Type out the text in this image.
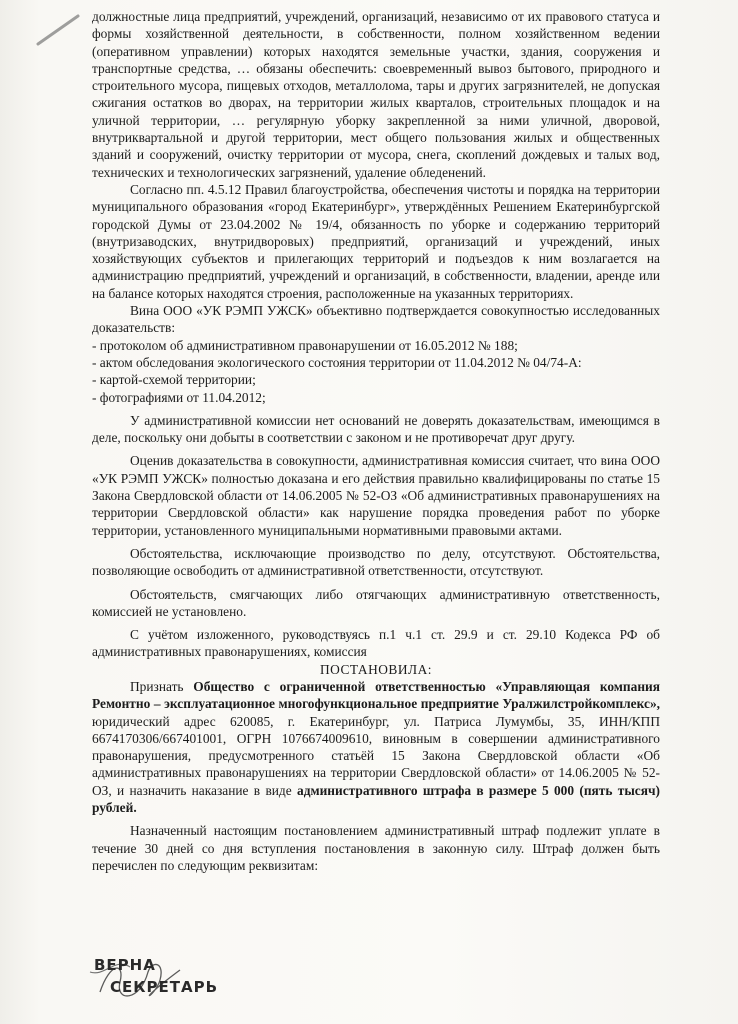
должностные лица предприятий, учреждений, организаций, независимо от их правового статуса и формы хозяйственной деятельности, в собственности, полном хозяйственном ведении (оперативном управлении) которых находятся земельные участки, здания, сооружения и транспортные средства, … обязаны обеспечить: своевременный вывоз бытового, природного и строительного мусора, пищевых отходов, металлолома, тары и других загрязнителей, не допуская сжигания остатков во дворах, на территории жилых кварталов, строительных площадок и на уличной территории, … регулярную уборку закрепленной за ними уличной, дворовой, внутриквартальной и другой территории, мест общего пользования жилых и общественных зданий и сооружений, очистку территории от мусора, снега, скоплений дождевых и талых вод, технических и технологических загрязнений, удаление обледенений.

Согласно пп. 4.5.12 Правил благоустройства, обеспечения чистоты и порядка на территории муниципального образования «город Екатеринбург», утверждённых Решением Екатеринбургской городской Думы от 23.04.2002 № 19/4, обязанность по уборке и содержанию территорий (внутризаводских, внутридворовых) предприятий, организаций и учреждений, иных хозяйствующих субъектов и прилегающих территорий и подъездов к ним возлагается на администрацию предприятий, учреждений и организаций, в собственности, владении, аренде или на балансе которых находятся строения, расположенные на указанных территориях.

Вина ООО «УК РЭМП УЖСК» объективно подтверждается совокупностью исследованных доказательств:

- протоколом об административном правонарушении от 16.05.2012 № 188;

- актом обследования экологического состояния территории от 11.04.2012 № 04/74-А:

- картой-схемой территории;

- фотографиями от 11.04.2012;

У административной комиссии нет оснований не доверять доказательствам, имеющимся в деле, поскольку они добыты в соответствии с законом и не противоречат друг другу.

Оценив доказательства в совокупности, административная комиссия считает, что вина ООО «УК РЭМП УЖСК» полностью доказана и его действия правильно квалифицированы по статье 15 Закона Свердловской области от 14.06.2005 № 52-ОЗ «Об административных правонарушениях на территории Свердловской области» как нарушение порядка проведения работ по уборке территории, установленного муниципальными нормативными правовыми актами.

Обстоятельства, исключающие производство по делу, отсутствуют. Обстоятельства, позволяющие освободить от административной ответственности, отсутствуют.

Обстоятельств, смягчающих либо отягчающих административную ответственность, комиссией не установлено.

С учётом изложенного, руководствуясь п.1 ч.1 ст. 29.9 и ст. 29.10 Кодекса РФ об административных правонарушениях, комиссия

ПОСТАНОВИЛА:

Признать Общество с ограниченной ответственностью «Управляющая компания Ремонтно – эксплуатационное многофункциональное предприятие Уралжилстройкомплекс», юридический адрес 620085, г. Екатеринбург, ул. Патриса Лумумбы, 35, ИНН/КПП 6674170306/667401001, ОГРН 1076674009610, виновным в совершении административного правонарушения, предусмотренного статьёй 15 Закона Свердловской области «Об административных правонарушениях на территории Свердловской области» от 14.06.2005 № 52-ОЗ, и назначить наказание в виде административного штрафа в размере 5 000 (пять тысяч) рублей.

Назначенный настоящим постановлением административный штраф подлежит уплате в течение 30 дней со дня вступления постановления в законную силу. Штраф должен быть перечислен по следующим реквизитам:

ВЕРНА
СЕКРЕТАРЬ
